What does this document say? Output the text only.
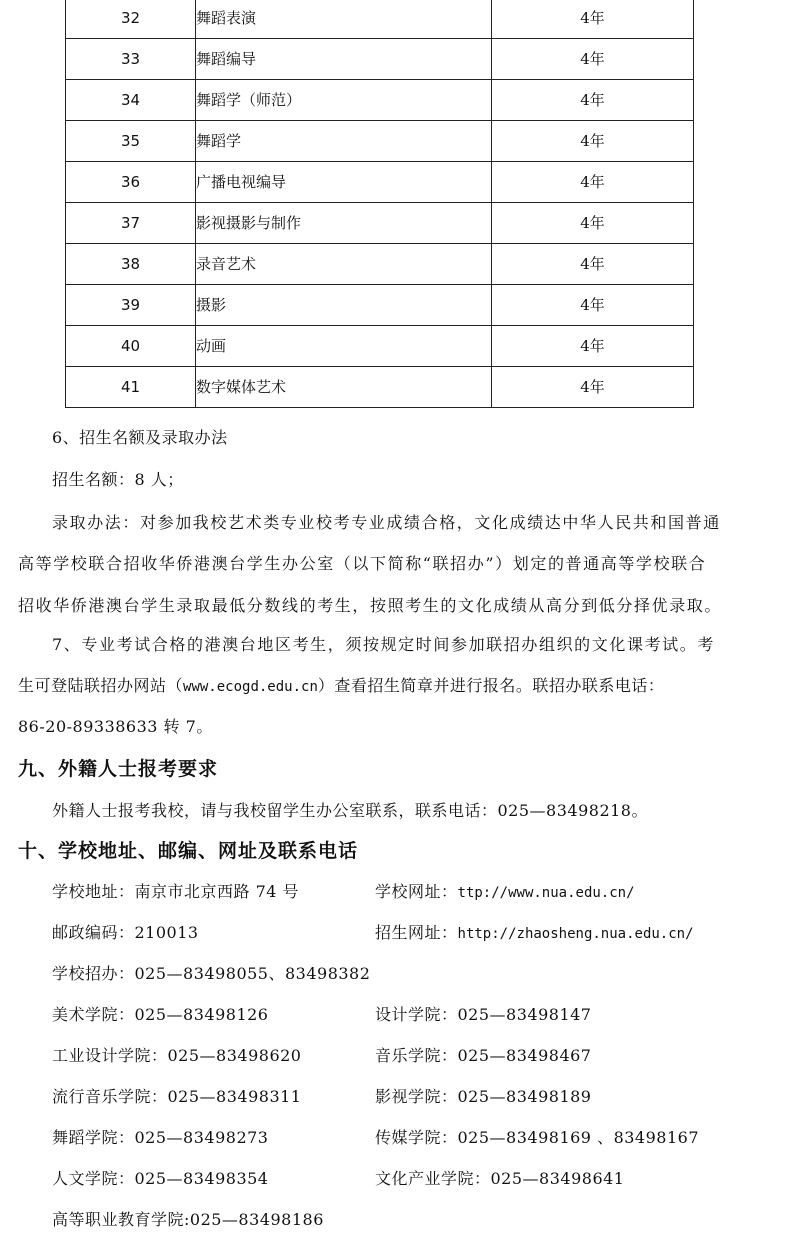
32	舞蹈表演	4年
33	舞蹈编导	4年
34	舞蹈学（师范）	4年
35	舞蹈学	4年
36	广播电视编导	4年
37	影视摄影与制作	4年
38	录音艺术	4年
39	摄影	4年
40	动画	4年
41	数字媒体艺术	4年
6、招生名额及录取办法
招生名额：8 人；
录取办法：对参加我校艺术类专业校考专业成绩合格，文化成绩达中华人民共和国普通
高等学校联合招收华侨港澳台学生办公室（以下简称“联招办”）划定的普通高等学校联合
招收华侨港澳台学生录取最低分数线的考生，按照考生的文化成绩从高分到低分择优录取。
7、专业考试合格的港澳台地区考生，须按规定时间参加联招办组织的文化课考试。考
生可登陆联招办网站（www.ecogd.edu.cn）查看招生简章并进行报名。联招办联系电话：
86-20-89338633 转 7。
九、外籍人士报考要求
外籍人士报考我校，请与我校留学生办公室联系，联系电话：025—83498218。
十、学校地址、邮编、网址及联系电话
学校地址：南京市北京西路 74 号	学校网址：ttp://www.nua.edu.cn/
邮政编码：210013	招生网址：http://zhaosheng.nua.edu.cn/
学校招办：025—83498055、83498382
美术学院：025—83498126	设计学院：025—83498147
工业设计学院：025—83498620	音乐学院：025—83498467
流行音乐学院：025—83498311	影视学院：025—83498189
舞蹈学院：025—83498273	传媒学院：025—83498169 、83498167
人文学院：025—83498354	文化产业学院：025—83498641
高等职业教育学院:025—83498186
